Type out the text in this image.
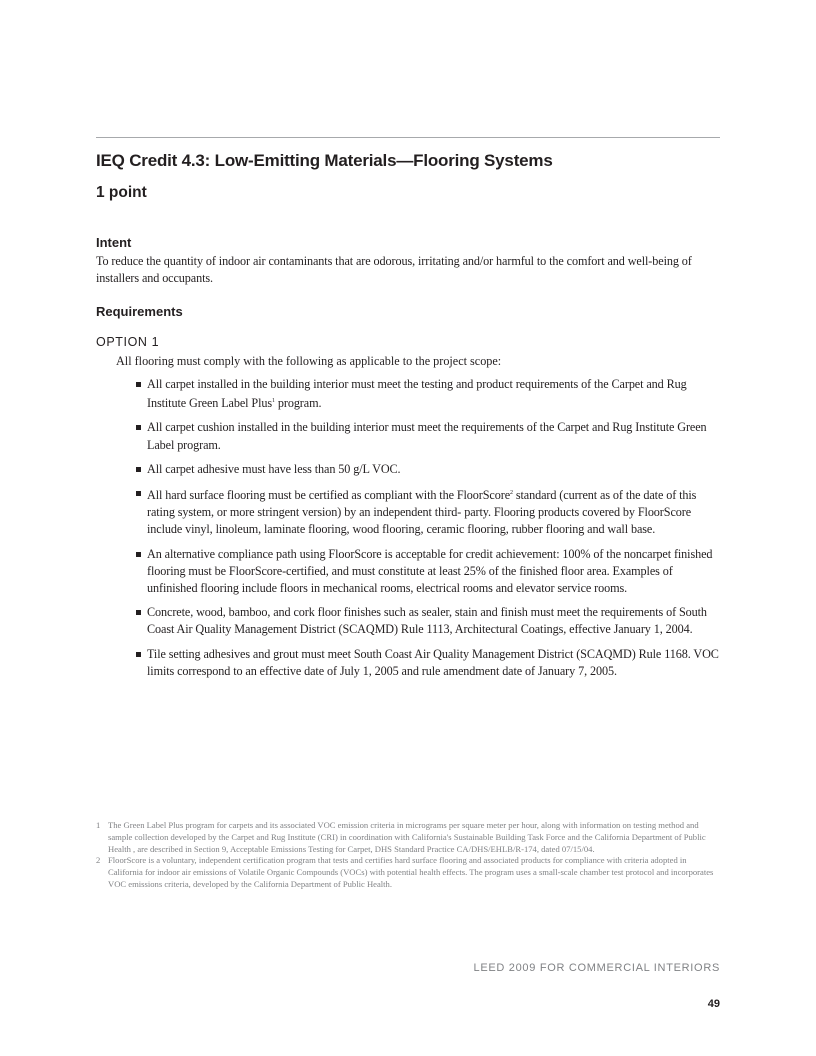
IEQ Credit 4.3: Low-Emitting Materials—Flooring Systems
1 point
Intent

To reduce the quantity of indoor air contaminants that are odorous, irritating and/or harmful to the comfort and well-being of installers and occupants.

Requirements
OPTION 1

All flooring must comply with the following as applicable to the project scope:

All carpet installed in the building interior must meet the testing and product requirements of the Carpet and Rug Institute Green Label Plus$^1$ program.
All carpet cushion installed in the building interior must meet the requirements of the Carpet and Rug Institute Green Label program.
All carpet adhesive must have less than 50 g/L VOC.
All hard surface flooring must be certified as compliant with the FloorScore$^2$ standard (current as of the date of this rating system, or more stringent version) by an independent third- party. Flooring products covered by FloorScore include vinyl, linoleum, laminate flooring, wood flooring, ceramic flooring, rubber flooring and wall base.
An alternative compliance path using FloorScore is acceptable for credit achievement: 100% of the noncarpet finished flooring must be FloorScore-certified, and must constitute at least 25% of the finished floor area. Examples of unfinished flooring include floors in mechanical rooms, electrical rooms and elevator service rooms.
Concrete, wood, bamboo, and cork floor finishes such as sealer, stain and finish must meet the requirements of South Coast Air Quality Management District (SCAQMD) Rule 1113, Architectural Coatings, effective January 1, 2004.
Tile setting adhesives and grout must meet South Coast Air Quality Management District (SCAQMD) Rule 1168. VOC limits correspond to an effective date of July 1, 2005 and rule amendment date of January 7, 2005.

1 The Green Label Plus program for carpets and its associated VOC emission criteria in micrograms per square meter per hour, along with information on testing method and sample collection developed by the Carpet and Rug Institute (CRI) in coordination with California's Sustainable Building Task Force and the California Department of Public Health , are described in Section 9, Acceptable Emissions Testing for Carpet, DHS Standard Practice CA/DHS/EHLB/R-174, dated 07/15/04.

2 FloorScore is a voluntary, independent certification program that tests and certifies hard surface flooring and associated products for compliance with criteria adopted in California for indoor air emissions of Volatile Organic Compounds (VOCs) with potential health effects. The program uses a small-scale chamber test protocol and incorporates VOC emissions criteria, developed by the California Department of Public Health.

LEED 2009 FOR COMMERCIAL INTERIORS
49
